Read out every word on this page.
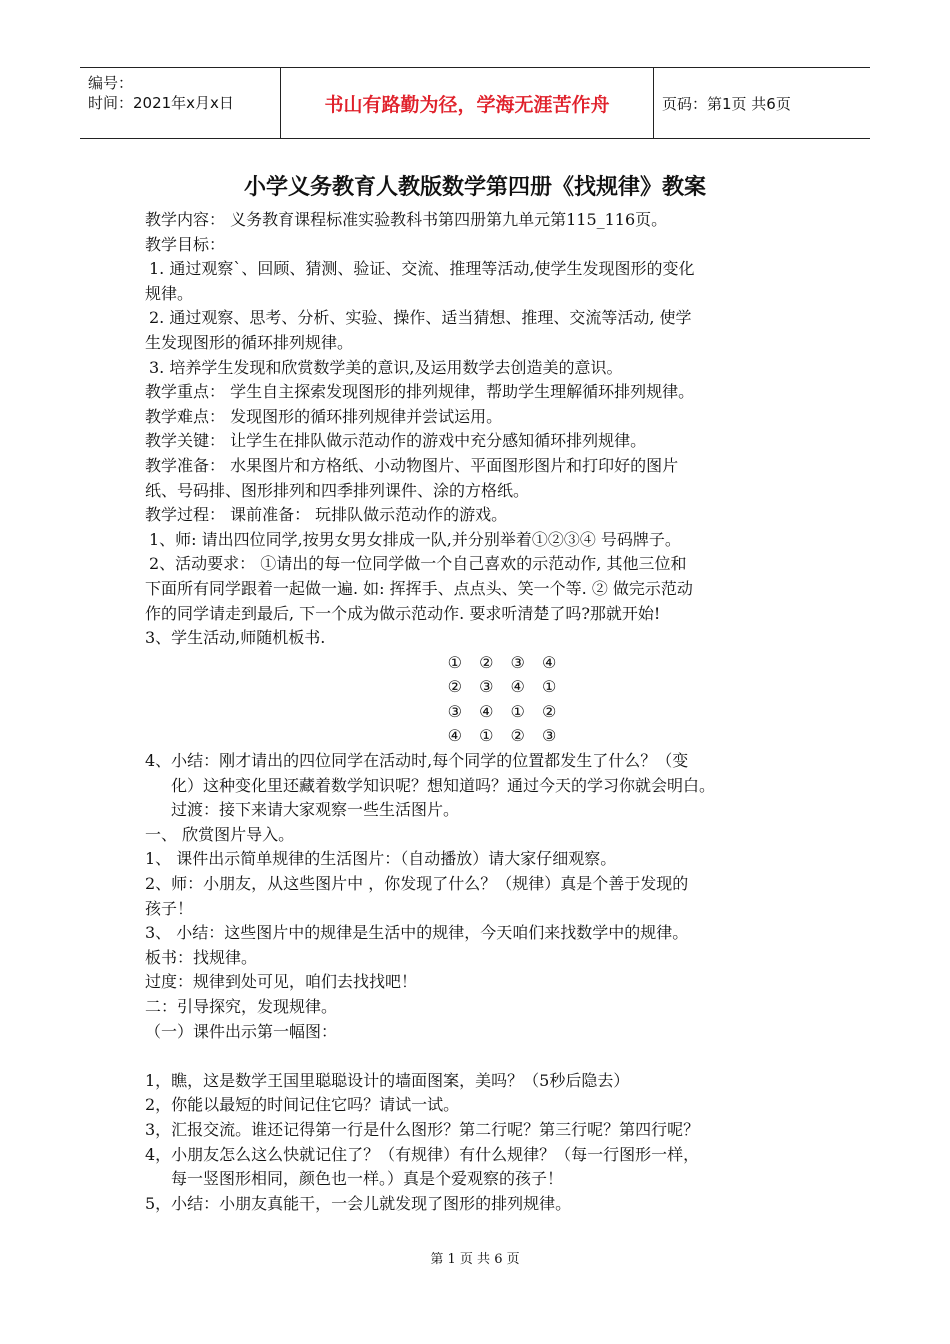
编号：
时间：2021年x月x日	书山有路勤为径，学海无涯苦作舟	页码：第1页 共6页
小学义务教育人教版数学第四册《找规律》教案

教学内容： 义务教育课程标准实验教科书第四册第九单元第115_116页。

教学目标：

1. 通过观察`、回顾、猜测、验证、交流、推理等活动,使学生发现图形的变化

规律。

2. 通过观察、思考、分析、实验、操作、适当猜想、推理、交流等活动, 使学

生发现图形的循环排列规律。

3. 培养学生发现和欣赏数学美的意识,及运用数学去创造美的意识。

教学重点： 学生自主探索发现图形的排列规律，帮助学生理解循环排列规律。

教学难点： 发现图形的循环排列规律并尝试运用。

教学关键： 让学生在排队做示范动作的游戏中充分感知循环排列规律。

教学准备： 水果图片和方格纸、小动物图片、平面图形图片和打印好的图片

纸、号码排、图形排列和四季排列课件、涂的方格纸。

教学过程： 课前准备： 玩排队做示范动作的游戏。

1、师: 请出四位同学,按男女男女排成一队,并分别举着①②③④ 号码牌子。

2、活动要求： ①请出的每一位同学做一个自己喜欢的示范动作, 其他三位和

下面所有同学跟着一起做一遍. 如: 挥挥手、点点头、笑一个等. ② 做完示范动

作的同学请走到最后, 下一个成为做示范动作. 要求听清楚了吗?那就开始!

3、学生活动,师随机板书.

① ② ③ ④

② ③ ④ ①

③ ④ ① ②

④ ① ② ③

4、小结：刚才请出的四位同学在活动时,每个同学的位置都发生了什么？（变

化）这种变化里还藏着数学知识呢？想知道吗？通过今天的学习你就会明白。

过渡：接下来请大家观察一些生活图片。

一、 欣赏图片导入。

1、 课件出示简单规律的生活图片：（自动播放）请大家仔细观察。

2、师：小朋友，从这些图片中 ，你发现了什么？（规律）真是个善于发现的

孩子！

3、 小结：这些图片中的规律是生活中的规律，今天咱们来找数学中的规律。

板书：找规律。

过度：规律到处可见，咱们去找找吧！

二：引导探究，发现规律。

（一）课件出示第一幅图：

1，瞧，这是数学王国里聪聪设计的墙面图案，美吗？（5秒后隐去）

2，你能以最短的时间记住它吗？请试一试。

3，汇报交流。谁还记得第一行是什么图形？第二行呢？第三行呢？第四行呢？

4，小朋友怎么这么快就记住了？（有规律）有什么规律？（每一行图形一样，

每一竖图形相同，颜色也一样。）真是个爱观察的孩子！

5，小结：小朋友真能干，一会儿就发现了图形的排列规律。

第 1 页 共 6 页
